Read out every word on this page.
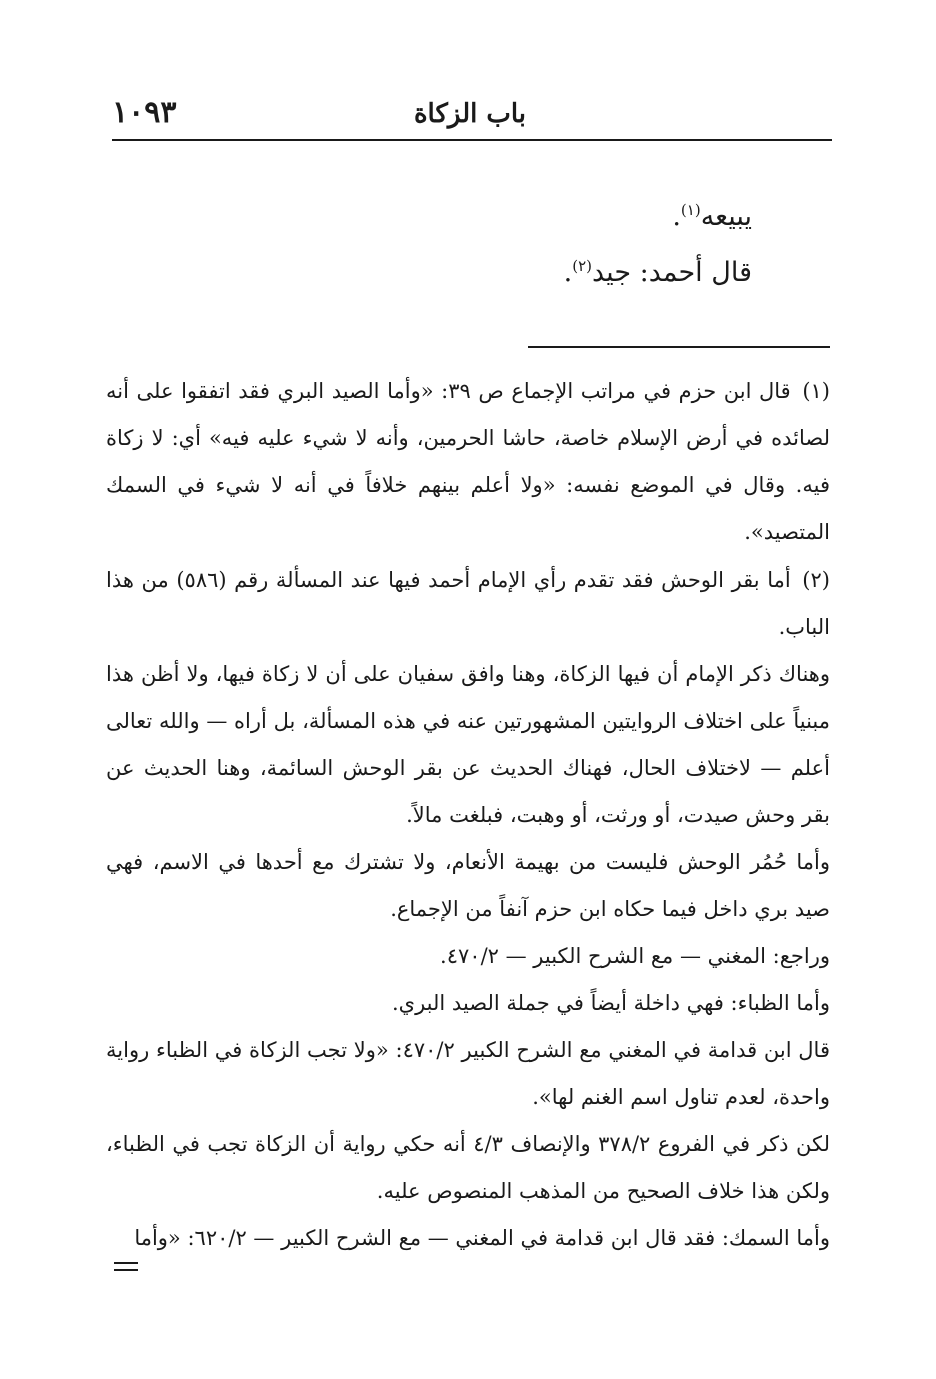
١٠٩٣	باب الزكاة
يبيعه$^{(١)}$.
قال أحمد: جيد$^{(٢)}$.
(١) قال ابن حزم في مراتب الإجماع ص ٣٩: «وأما الصيد البري فقد اتفقوا على أنه لصائده في أرض الإسلام خاصة، حاشا الحرمين، وأنه لا شيء عليه فيه» أي: لا زكاة فيه. وقال في الموضع نفسه: «ولا أعلم بينهم خلافاً في أنه لا شيء في السمك المتصيد».
(٢) أما بقر الوحش فقد تقدم رأي الإمام أحمد فيها عند المسألة رقم (٥٨٦) من هذا الباب.
وهناك ذكر الإمام أن فيها الزكاة، وهنا وافق سفيان على أن لا زكاة فيها، ولا أظن هذا مبنياً على اختلاف الروايتين المشهورتين عنه في هذه المسألة، بل أراه — والله تعالى أعلم — لاختلاف الحال، فهناك الحديث عن بقر الوحش السائمة، وهنا الحديث عن بقر وحش صيدت، أو ورثت، أو وهبت، فبلغت مالاً.
وأما حُمُر الوحش فليست من بهيمة الأنعام، ولا تشترك مع أحدها في الاسم، فهي صيد بري داخل فيما حكاه ابن حزم آنفاً من الإجماع.
وراجع: المغني — مع الشرح الكبير — ٤٧٠/٢.
وأما الظباء: فهي داخلة أيضاً في جملة الصيد البري.
قال ابن قدامة في المغني مع الشرح الكبير ٤٧٠/٢: «ولا تجب الزكاة في الظباء رواية واحدة، لعدم تناول اسم الغنم لها».
لكن ذكر في الفروع ٣٧٨/٢ والإنصاف ٤/٣ أنه حكي رواية أن الزكاة تجب في الظباء، ولكن هذا خلاف الصحيح من المذهب المنصوص عليه.
وأما السمك: فقد قال ابن قدامة في المغني — مع الشرح الكبير — ٦٢٠/٢: «وأما
